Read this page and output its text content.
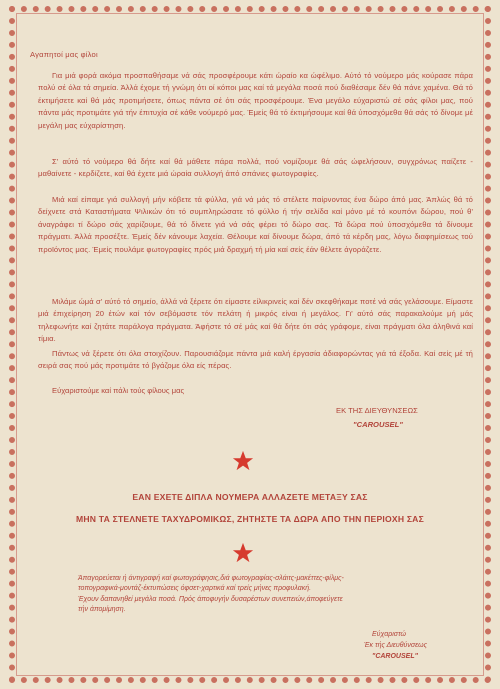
Αγαπητοί μας φίλοι

Για μιά φορά ακόμα προσπαθήσαμε νά σάς προσφέρουμε κάτι ώραίο κα ώφέλιμο. Αύτό τό νούμερο μάς κούρασε πάρα πολύ σέ όλα τά σημεία. Άλλά έχομε τή γνώμη ότι οί κόποι μας καί τά μεγάλα ποσά πού διαθέσαμε δέν θά πάνε χαμένα. Θά τό έκτιμήσετε καί θά μάς προτιμήσετε, όπως πάντα σέ ότι σάς προσφέρουμε. Ένα μεγάλο εύχαριστώ σέ σάς φίλοι μας, πού πάντα μάς προτιμάτε γιά τήν έπιτυχία σέ κάθε νούμερό μας. Έμείς θά τό έκτιμήσουμε καί θά ύποσχόμεθα θά σάς τό δίνομε μέ μεγάλη μας εύχαρίστηση.

Σ' αύτό τό νούμερο θά δήτε καί θά μάθετε πάρα πολλά, πού νομίζουμε θά σάς ώφελήσουν, συγχρόνως παίζετε - μαθαίνετε - κερδίζετε, καί θά έχετε μιά ώραία συλλογή άπό σπάνιες φωτογραφίες.

Μιά καί είπαμε γιά συλλογή μήν κόβετε τά φύλλα, γιά νά μάς τό στέλετε παίρνοντας ένα δώρο άπό μας. Άπλώς θά τό δείχνετε στά Καταστήματα Ψιλικών ότι τό συμπληρώσατε τό φύλλο ή τήν σελίδα καί μόνο μέ τό κουπόνι δώρου, πού θ' άναγράφει τί δώρο σάς χαρίζουμε, θά τό δίνετε γιά νά σάς φέρει τό δώρο σας. Τά δώρα πού ύποσχόμεθα τά δίνουμε πράγματι. Άλλά προσέξτε. Έμείς δέν κάνουμε λαχεία. Θέλουμε καί δίνουμε δώρα, άπό τά κέρδη μας, λόγω διαφημίσεως τού προϊόντος μας. Έμείς πουλάμε φωτογραφίες πρός μιά δραχμή τή μία καί σείς έάν θέλετε άγοράζετε.

Μιλάμε ώμά σ' αύτό τό σημείο, άλλά νά ξέρετε ότι είμαστε είλικρινείς καί δέν σκεφθήκαμε ποτέ νά σάς γελάσουμε. Είμαστε μιά έπιχείρηση 20 έτών καί τόν σεβόμαστε τόν πελάτη ή μικρός είναι ή μεγάλος. Γι' αύτό σάς παρακαλούμε μή μάς τηλεφωνήτε καί ζητάτε παράλογα πράγματα. Άφήστε τό σέ μάς καί θά δήτε ότι σάς γράφομε, είναι πράγματι όλα άληθινά καί τίμια.

Πάντως νά ξέρετε ότι όλα στοιχίζουν. Παρουσιάζομε πάντα μιά καλή έργασία άδιαφορώντας γιά τά έξοδα. Καί σείς μέ τή σειρά σας πού μάς προτιμάτε τό βγάζομε όλα είς πέρας.

Εύχαριστούμε καί πάλι τούς φίλους μας
ΕΚ ΤΗΣ ΔΙΕΥΘΥΝΣΕΩΣ
"CAROUSEL"
ΕΑΝ ΕΧΕΤΕ ΔΙΠΛΑ ΝΟΥΜΕΡΑ ΑΛΛΑΖΕΤΕ ΜΕΤΑΞΥ ΣΑΣ
ΜΗΝ ΤΑ ΣΤΕΛΝΕΤΕ ΤΑΧΥΔΡΟΜΙΚΩΣ, ΖΗΤΗΣΤΕ ΤΑ ΔΩΡΑ ΑΠΟ ΤΗΝ ΠΕΡΙΟΧΗ ΣΑΣ
Άπαγορεύεται ή άντιγραφή καί φωτογράφησις,διά φωτογραφίας-σλάιτς-μακέττες-φίλμς-
τοπογραφικά-μοντάζ-έκτυπώσεις όφσετ-χαρτικά καί τρείς μήνες προφυλακή.
Έχουν δαπανηθεί μεγάλα ποσά. Πρός άποφυγήν δυσαρέστων συνεπειών,άποφεύγετε
τήν άπομίμηση.
Εύχαριστώ
Έκ τής Διευθύνσεως
"CAROUSEL"
